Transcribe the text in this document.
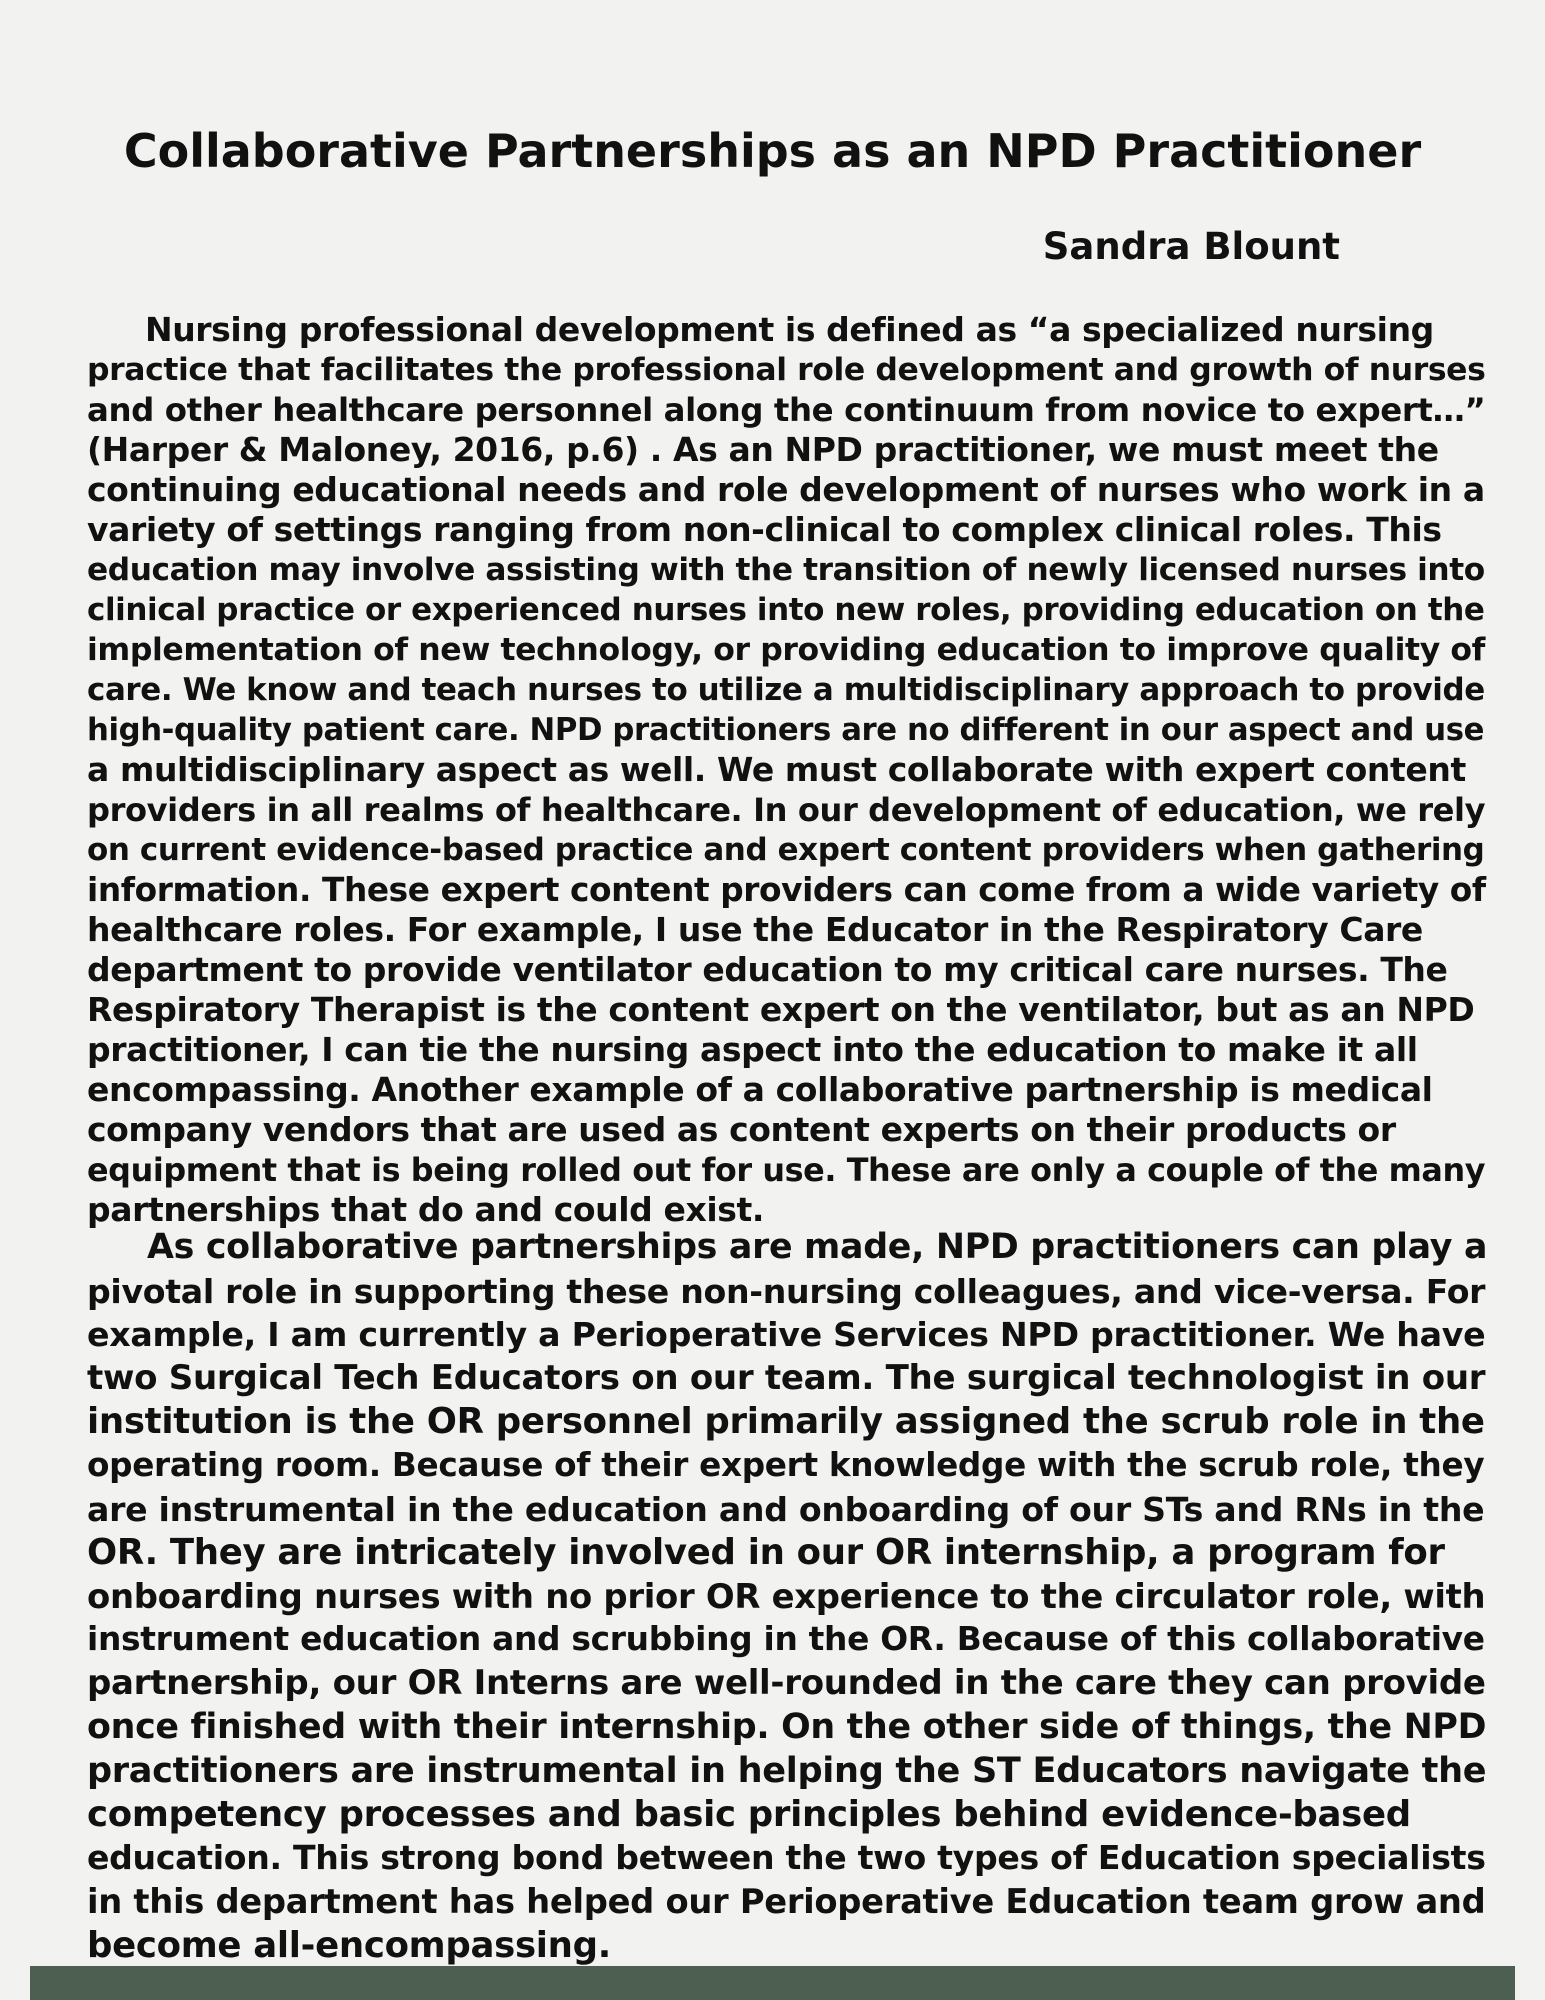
Collaborative Partnerships as an NPD Practitioner
Sandra Blount
Nursing professional development is defined as “a specialized nursing
practice that facilitates the professional role development and growth of nurses
and other healthcare personnel along the continuum from novice to expert…”
(Harper & Maloney, 2016, p.6) . As an NPD practitioner, we must meet the
continuing educational needs and role development of nurses who work in a
variety of settings ranging from non-clinical to complex clinical roles. This
education may involve assisting with the transition of newly licensed nurses into
clinical practice or experienced nurses into new roles, providing education on the
implementation of new technology, or providing education to improve quality of
care. We know and teach nurses to utilize a multidisciplinary approach to provide
high-quality patient care. NPD practitioners are no different in our aspect and use
a multidisciplinary aspect as well. We must collaborate with expert content
providers in all realms of healthcare. In our development of education, we rely
on current evidence-based practice and expert content providers when gathering
information. These expert content providers can come from a wide variety of
healthcare roles. For example, I use the Educator in the Respiratory Care
department to provide ventilator education to my critical care nurses. The
Respiratory Therapist is the content expert on the ventilator, but as an NPD
practitioner, I can tie the nursing aspect into the education to make it all
encompassing. Another example of a collaborative partnership is medical
company vendors that are used as content experts on their products or
equipment that is being rolled out for use. These are only a couple of the many
partnerships that do and could exist.
As collaborative partnerships are made, NPD practitioners can play a
pivotal role in supporting these non-nursing colleagues, and vice-versa. For
example, I am currently a Perioperative Services NPD practitioner. We have
two Surgical Tech Educators on our team. The surgical technologist in our
institution is the OR personnel primarily assigned the scrub role in the
operating room. Because of their expert knowledge with the scrub role, they
are instrumental in the education and onboarding of our STs and RNs in the
OR. They are intricately involved in our OR internship, a program for
onboarding nurses with no prior OR experience to the circulator role, with
instrument education and scrubbing in the OR. Because of this collaborative
partnership, our OR Interns are well-rounded in the care they can provide
once finished with their internship. On the other side of things, the NPD
practitioners are instrumental in helping the ST Educators navigate the
competency processes and basic principles behind evidence-based
education. This strong bond between the two types of Education specialists
in this department has helped our Perioperative Education team grow and
become all-encompassing.
